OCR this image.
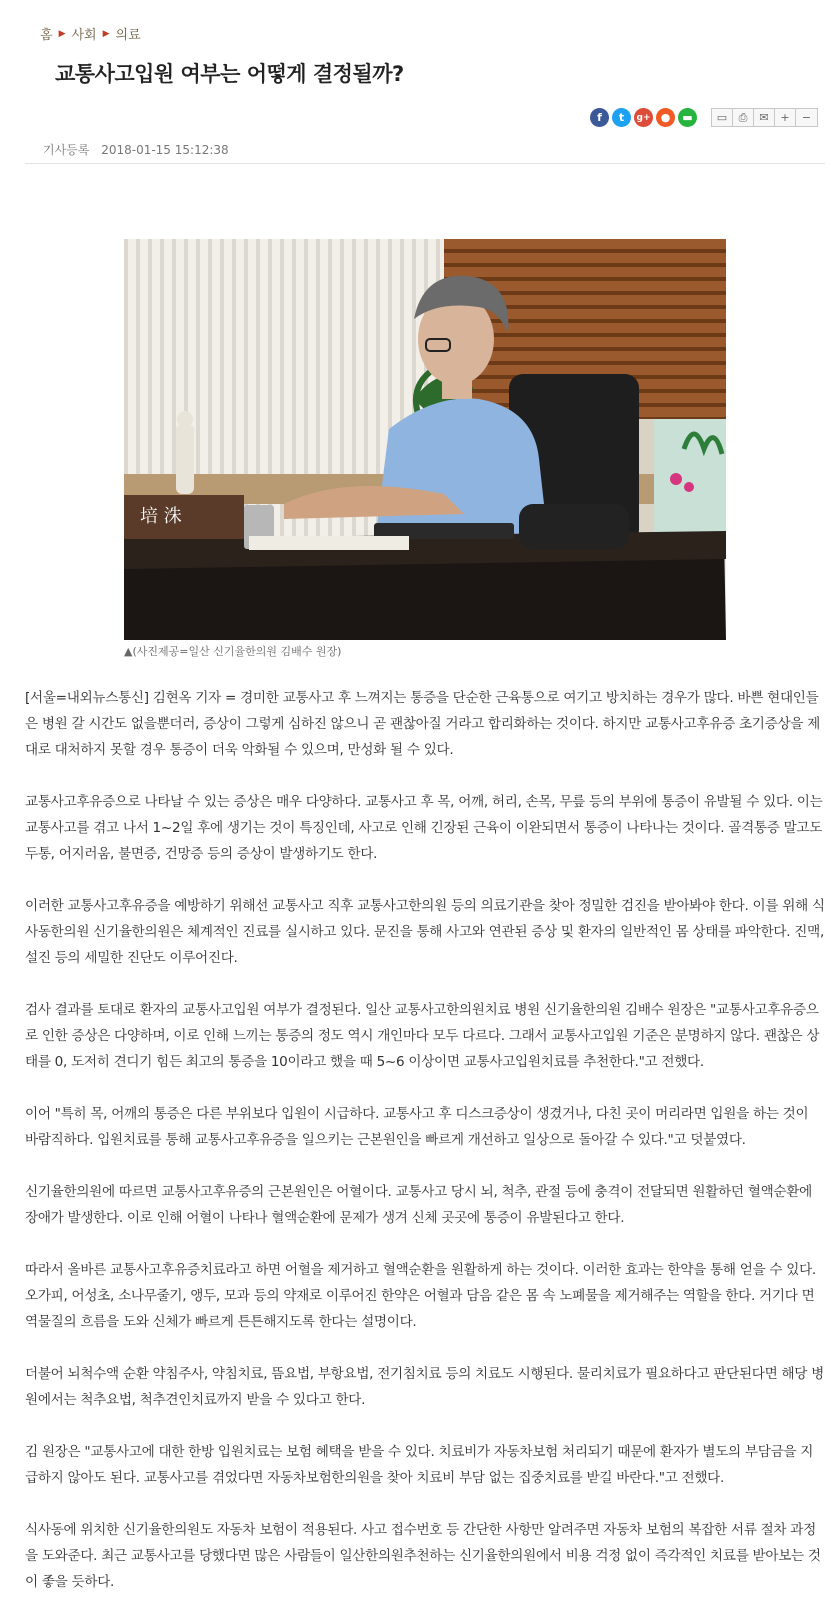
홈 ▶ 사회 ▶ 의료
교통사고입원 여부는 어떻게 결정될까?
f	t	g+ ●	▬	▭	⎙	✉	+	−
기사등록 2018-01-15 15:12:38
培 洙
▲(사진제공=일산 신기율한의원 김배수 원장)

[서울=내외뉴스통신] 김현옥 기자 = 경미한 교통사고 후 느껴지는 통증을 단순한 근육통으로 여기고 방치하는 경우가 많다. 바쁜 현대인들은 병원 갈 시간도 없을뿐더러, 증상이 그렇게 심하진 않으니 곧 괜찮아질 거라고 합리화하는 것이다. 하지만 교통사고후유증 초기증상을 제대로 대처하지 못할 경우 통증이 더욱 악화될 수 있으며, 만성화 될 수 있다.

교통사고후유증으로 나타날 수 있는 증상은 매우 다양하다. 교통사고 후 목, 어깨, 허리, 손목, 무릎 등의 부위에 통증이 유발될 수 있다. 이는 교통사고를 겪고 나서 1~2일 후에 생기는 것이 특징인데, 사고로 인해 긴장된 근육이 이완되면서 통증이 나타나는 것이다. 골격통증 말고도 두통, 어지러움, 불면증, 건망증 등의 증상이 발생하기도 한다.

이러한 교통사고후유증을 예방하기 위해선 교통사고 직후 교통사고한의원 등의 의료기관을 찾아 정밀한 검진을 받아봐야 한다. 이를 위해 식사동한의원 신기율한의원은 체계적인 진료를 실시하고 있다. 문진을 통해 사고와 연관된 증상 및 환자의 일반적인 몸 상태를 파악한다. 진맥, 설진 등의 세밀한 진단도 이루어진다.

검사 결과를 토대로 환자의 교통사고입원 여부가 결정된다. 일산 교통사고한의원치료 병원 신기율한의원 김배수 원장은 "교통사고후유증으로 인한 증상은 다양하며, 이로 인해 느끼는 통증의 정도 역시 개인마다 모두 다르다. 그래서 교통사고입원 기준은 분명하지 않다. 괜찮은 상태를 0, 도저히 견디기 힘든 최고의 통증을 10이라고 했을 때 5~6 이상이면 교통사고입원치료를 추천한다."고 전했다.

이어 "특히 목, 어깨의 통증은 다른 부위보다 입원이 시급하다. 교통사고 후 디스크증상이 생겼거나, 다친 곳이 머리라면 입원을 하는 것이 바람직하다. 입원치료를 통해 교통사고후유증을 일으키는 근본원인을 빠르게 개선하고 일상으로 돌아갈 수 있다."고 덧붙였다.

신기율한의원에 따르면 교통사고후유증의 근본원인은 어혈이다. 교통사고 당시 뇌, 척추, 관절 등에 충격이 전달되면 원활하던 혈액순환에 장애가 발생한다. 이로 인해 어혈이 나타나 혈액순환에 문제가 생겨 신체 곳곳에 통증이 유발된다고 한다.

따라서 올바른 교통사고후유증치료라고 하면 어혈을 제거하고 혈액순환을 원활하게 하는 것이다. 이러한 효과는 한약을 통해 얻을 수 있다. 오가피, 어성초, 소나무줄기, 앵두, 모과 등의 약재로 이루어진 한약은 어혈과 담음 같은 몸 속 노폐물을 제거해주는 역할을 한다. 거기다 면역물질의 흐름을 도와 신체가 빠르게 튼튼해지도록 한다는 설명이다.

더불어 뇌척수액 순환 약침주사, 약침치료, 뜸요법, 부항요법, 전기침치료 등의 치료도 시행된다. 물리치료가 필요하다고 판단된다면 해당 병원에서는 척추요법, 척추견인치료까지 받을 수 있다고 한다.

김 원장은 "교통사고에 대한 한방 입원치료는 보험 혜택을 받을 수 있다. 치료비가 자동차보험 처리되기 때문에 환자가 별도의 부담금을 지급하지 않아도 된다. 교통사고를 겪었다면 자동차보험한의원을 찾아 치료비 부담 없는 집중치료를 받길 바란다."고 전했다.

식사동에 위치한 신기율한의원도 자동차 보험이 적용된다. 사고 접수번호 등 간단한 사항만 알려주면 자동차 보험의 복잡한 서류 절차 과정을 도와준다. 최근 교통사고를 당했다면 많은 사람들이 일산한의원추천하는 신기율한의원에서 비용 걱정 없이 즉각적인 치료를 받아보는 것이 좋을 듯하다.
